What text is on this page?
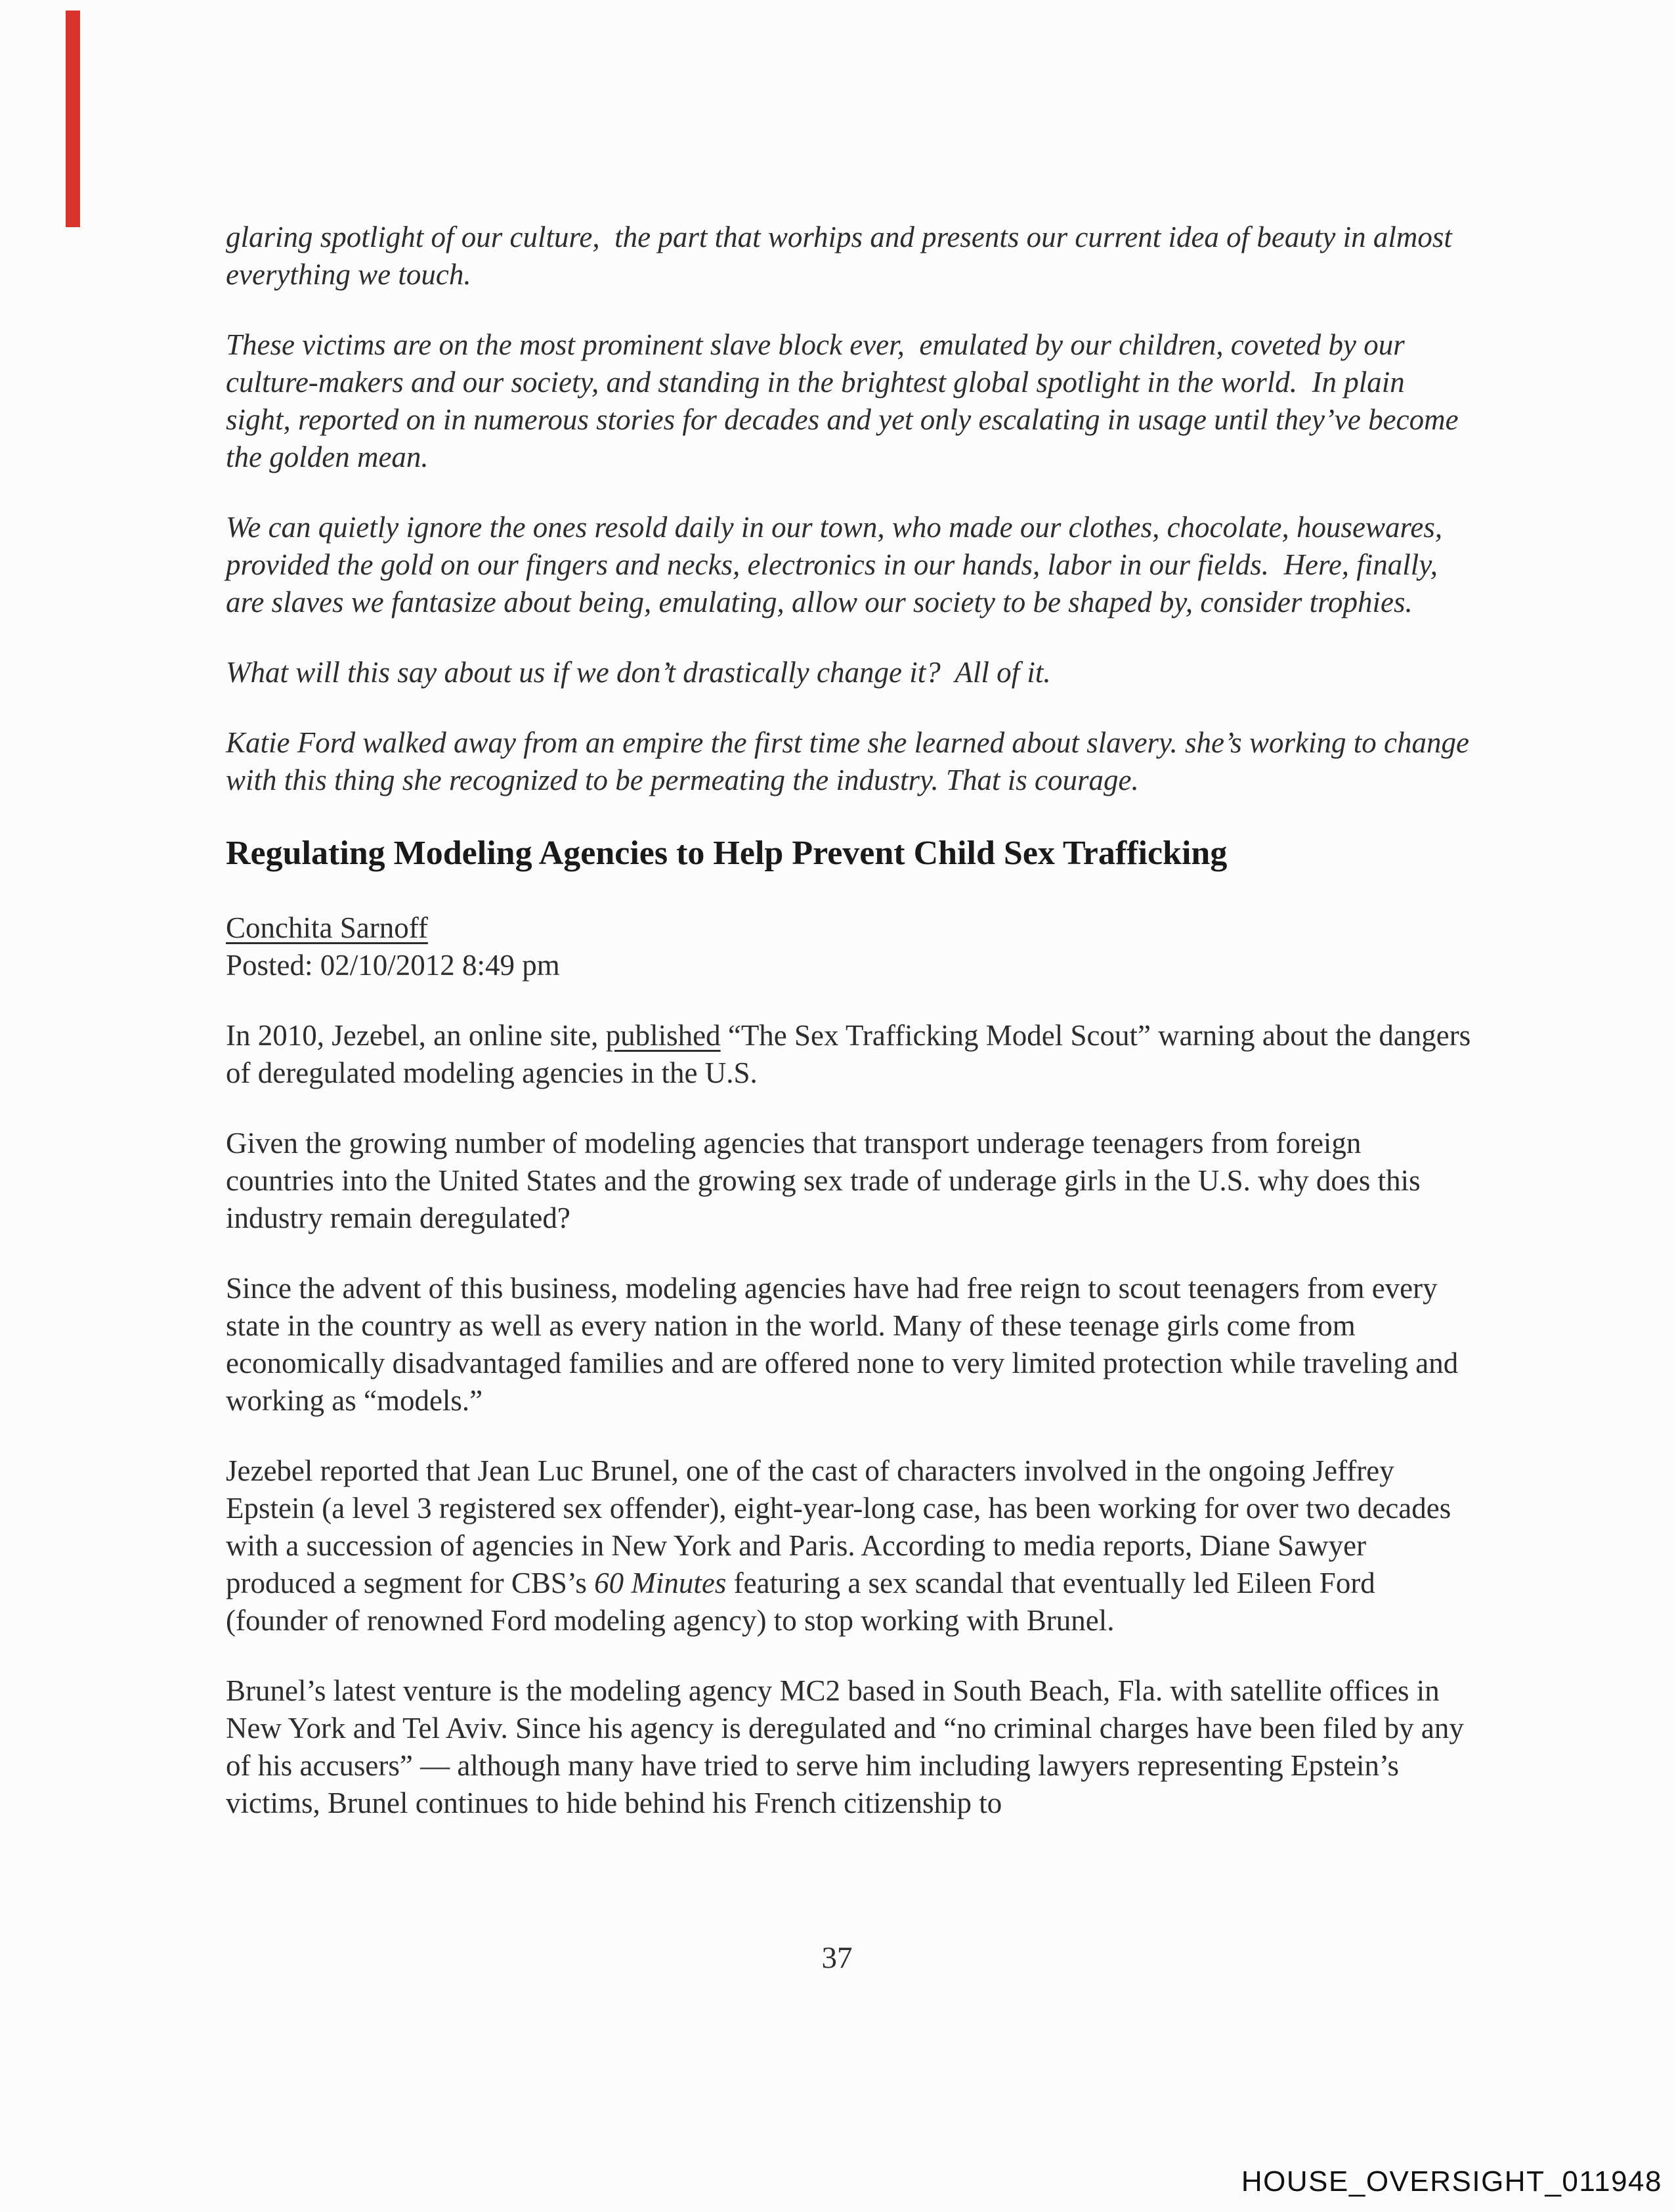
glaring spotlight of our culture,  the part that worhips and presents our current idea of beauty in almost everything we touch.

These victims are on the most prominent slave block ever,  emulated by our children, coveted by our culture-makers and our society, and standing in the brightest global spotlight in the world.  In plain sight, reported on in numerous stories for decades and yet only escalating in usage until they’ve become the golden mean.

We can quietly ignore the ones resold daily in our town, who made our clothes, chocolate, housewares, provided the gold on our fingers and necks, electronics in our hands, labor in our fields.  Here, finally, are slaves we fantasize about being, emulating, allow our society to be shaped by, consider trophies.

What will this say about us if we don’t drastically change it?  All of it.

Katie Ford walked away from an empire the first time she learned about slavery. she’s working to change with this thing she recognized to be permeating the industry. That is courage.

Regulating Modeling Agencies to Help Prevent Child Sex Trafficking

Conchita Sarnoff

Posted: 02/10/2012 8:49 pm

In 2010, Jezebel, an online site, published “The Sex Trafficking Model Scout” warning about the dangers of deregulated modeling agencies in the U.S.

Given the growing number of modeling agencies that transport underage teenagers from foreign countries into the United States and the growing sex trade of underage girls in the U.S. why does this industry remain deregulated?

Since the advent of this business, modeling agencies have had free reign to scout teenagers from every state in the country as well as every nation in the world. Many of these teenage girls come from economically disadvantaged families and are offered none to very limited protection while traveling and working as “models.”

Jezebel reported that Jean Luc Brunel, one of the cast of characters involved in the ongoing Jeffrey Epstein (a level 3 registered sex offender), eight-year-long case, has been working for over two decades with a succession of agencies in New York and Paris. According to media reports, Diane Sawyer produced a segment for CBS’s 60 Minutes featuring a sex scandal that eventually led Eileen Ford (founder of renowned Ford modeling agency) to stop working with Brunel.

Brunel’s latest venture is the modeling agency MC2 based in South Beach, Fla. with satellite offices in New York and Tel Aviv. Since his agency is deregulated and “no criminal charges have been filed by any of his accusers” — although many have tried to serve him including lawyers representing Epstein’s victims, Brunel continues to hide behind his French citizenship to

37
HOUSE_OVERSIGHT_011948
